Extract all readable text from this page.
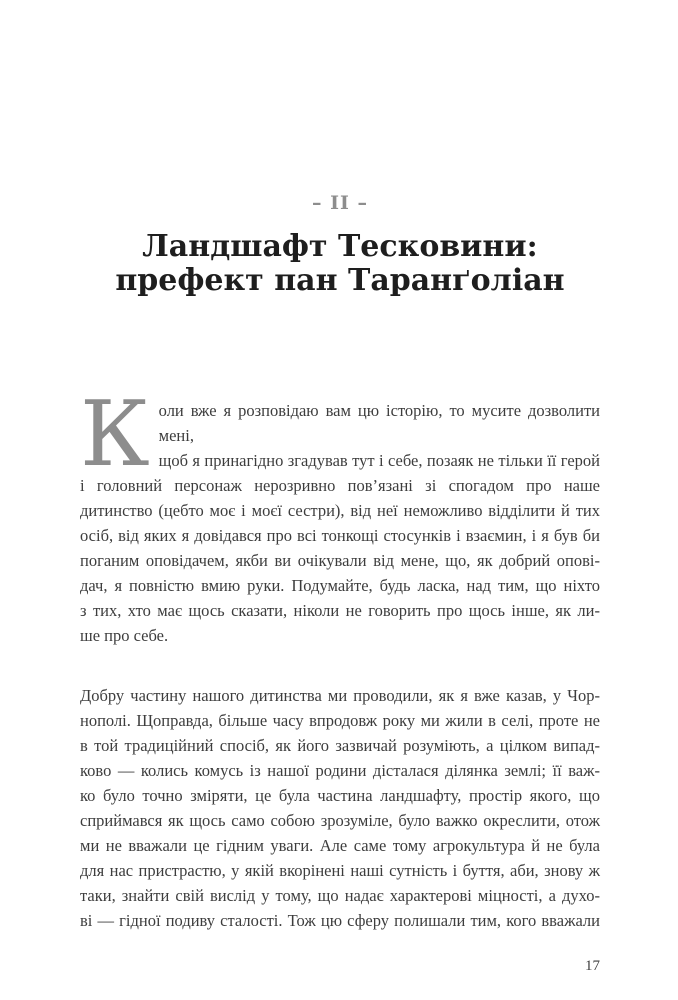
– II –
Ландшафт Тесковини:
префект пан Таранґоліан
К оли вже я розповідаю вам цю історію, то мусите дозволити мені,
щоб я принагідно згадував тут і себе, позаяк не тільки її герой
і головний персонаж нерозривно пов’язані зі спогадом про наше
дитинство (цебто моє і моєї сестри), від неї неможливо відділити й тих
осіб, від яких я довідався про всі тонкощі стосунків і взаємин, і я був би
поганим оповідачем, якби ви очікували від мене, що, як добрий опові-
дач, я повністю вмию руки. Подумайте, будь ласка, над тим, що ніхто
з тих, хто має щось сказати, ніколи не говорить про щось інше, як ли-
ше про себе.
Добру частину нашого дитинства ми проводили, як я вже казав, у Чор-
нополі. Щоправда, більше часу впродовж року ми жили в селі, проте не
в той традиційний спосіб, як його зазвичай розуміють, а цілком випад-
ково — колись комусь із нашої родини дісталася ділянка землі; її важ-
ко було точно зміряти, це була частина ландшафту, простір якого, що
сприймався як щось само собою зрозуміле, було важко окреслити, отож
ми не вважали це гідним уваги. Але саме тому агрокультура й не була
для нас пристрастю, у якій вкорінені наші сутність і буття, аби, знову ж
таки, знайти свій вислід у тому, що надає характерові міцності, а духо-
ві — гідної подиву сталості. Тож цю сферу полишали тим, кого вважали
17
